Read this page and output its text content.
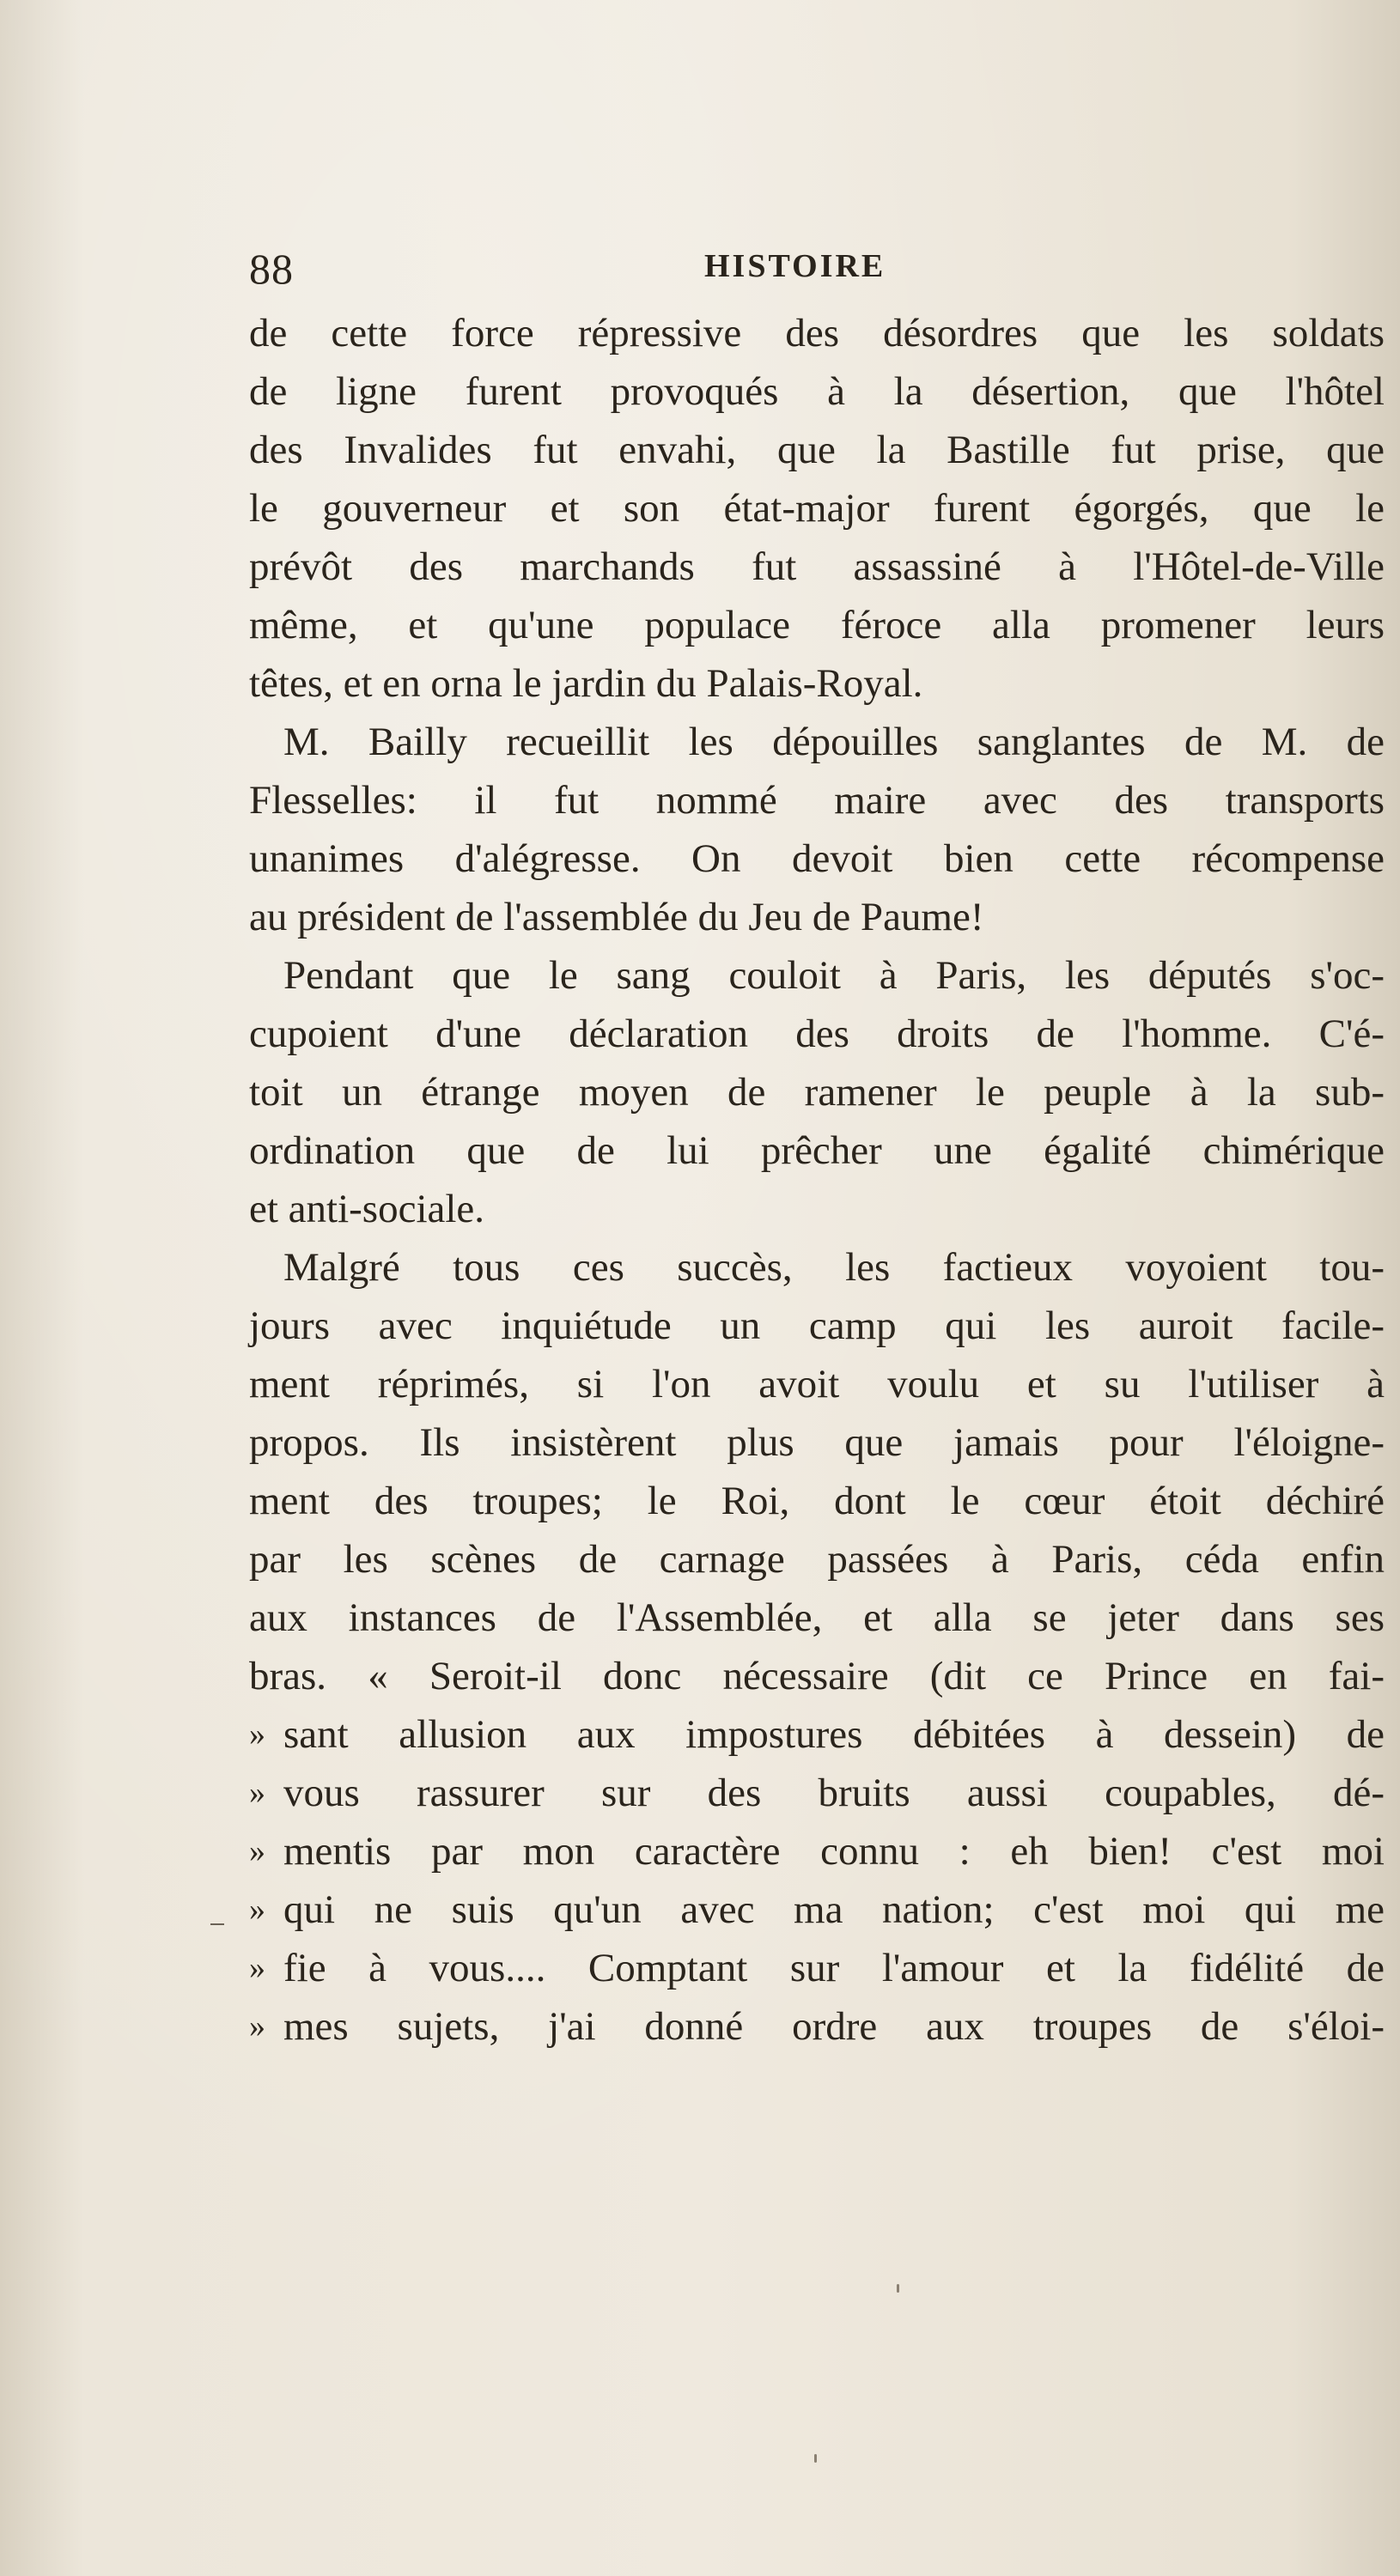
88	HISTOIRE
de cette force répressive des désordres que les soldats
de ligne furent provoqués à la désertion, que l'hôtel
des Invalides fut envahi, que la Bastille fut prise, que
le gouverneur et son état-major furent égorgés, que le
prévôt des marchands fut assassiné à l'Hôtel-de-Ville
même, et qu'une populace féroce alla promener leurs
têtes, et en orna le jardin du Palais-Royal.
M. Bailly recueillit les dépouilles sanglantes de M. de
Flesselles: il fut nommé maire avec des transports
unanimes d'alégresse. On devoit bien cette récompense
au président de l'assemblée du Jeu de Paume!
Pendant que le sang couloit à Paris, les députés s'oc-
cupoient d'une déclaration des droits de l'homme. C'é-
toit un étrange moyen de ramener le peuple à la sub-
ordination que de lui prêcher une égalité chimérique
et anti-sociale.
Malgré tous ces succès, les factieux voyoient tou-
jours avec inquiétude un camp qui les auroit facile-
ment réprimés, si l'on avoit voulu et su l'utiliser à
propos. Ils insistèrent plus que jamais pour l'éloigne-
ment des troupes; le Roi, dont le cœur étoit déchiré
par les scènes de carnage passées à Paris, céda enfin
aux instances de l'Assemblée, et alla se jeter dans ses
bras. « Seroit-il donc nécessaire (dit ce Prince en fai-
» sant allusion aux impostures débitées à dessein) de
» vous rassurer sur des bruits aussi coupables, dé-
» mentis par mon caractère connu : eh bien! c'est moi
» qui ne suis qu'un avec ma nation; c'est moi qui me
» fie à vous.... Comptant sur l'amour et la fidélité de
» mes sujets, j'ai donné ordre aux troupes de s'éloi-
